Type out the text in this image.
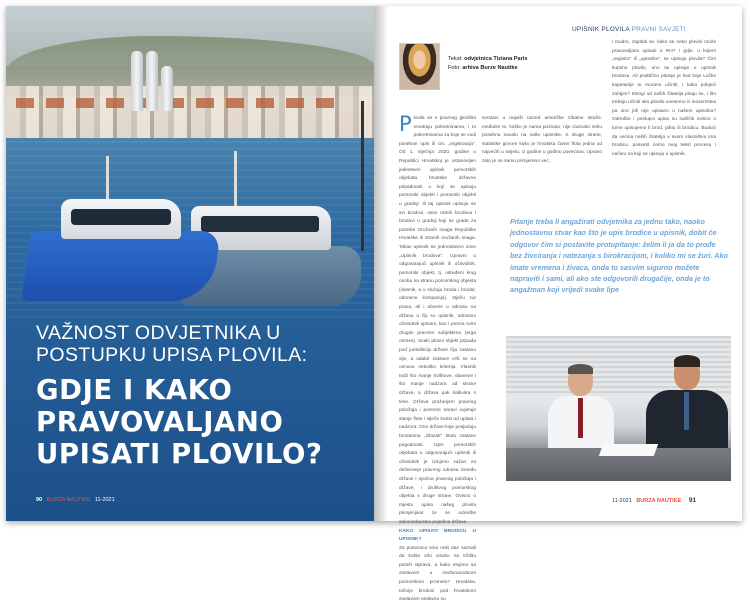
VAŽNOST ODVJETNIKA U POSTUPKU UPISA PLOVILA:
GDJE I KAKO PRAVOVALJANO UPISATI PLOVILO?
90 BURZA NAUTIKE 11-2021
UPISNIK PLOVILA PRAVNI SAVJETI
Tekst: odvjetnica Tiziana Paris
Foto: arhiva Burze Nautike
P lovila se s pravnog gledišta smatraju pokretninama, i to pokretninama za koje se vodi poseban upis ili tzv. „registracija“. Od 1. siječnja 2020. godine u Republici Hrvatskoj je ustanovljen jedinstven upisnik pomorskih objekata hrvatske državne pripadnosti u koji se upisuju pomorski objekti i pomorski objekti u gradnji. Ili taj upisnik upisuju se svi brodovi, osim ratnih brodova i brodovi u gradnji koji se grade za potrebe Oružanih snaga Republike Hrvatske ili stranih oružanih snaga. Takav upisnik se jednostavno zove „Upisnik brodova“. Upravni u odgovarajući upisnik ili očevidnik, pomorski objekt, tj. određeni krug osoba na stranu pomorskog objekta (vlasnik, a u slučaju broda i brodar, odnosno kompanija), stječu niz prava, ali i obveze u odnosu na državu u čiji su upisnik, odnosno očevidnik upisani, kao i prema svim drugim pravnim subjektima (erga omnes). Svaki plovni objekt pripada pod jurisdikciju države čiju zastavu vije, a odabir zastave vrši se na osnovu nekoliko kriterija. Vlasnik traži što manje troškove, obavezе i što manje nadzora od strane države, a država pak kalkulira s time. Država pružanjem pravnog položaja i porezne naravi uvjetuje stanje flote i stječe korist od uplata i nadzora. One države koje posjeduju brodarima „izlazak“ titula zastave pogodnosti. Upis pomorskih objekata u odgovarajući upisnik ili očevidnik je izmjeno važan za definiranje pravnog odnosa između države i njezina pravnog položaja i države, i društvog pomorskog objekta s druge strane. Ovisno o mjestu upisa našeg plovila primjenjivat će se odredbe zakonodavstva pojedine države.
KAKO UPISATI BRODICU U UPISNIK?
Za putovnicu smo neki dan saznali da košta vrlo visoko na tržištu putnih isprava, a kako stojimo sa zastavom u međunarodnom pomorskom prometu? Hrvatska, točnije brodovi pod hrvatskom zastavom nedavno su
svrstani u najviši razred američke Obalne straže, međutim to, koliko je nama poznato, nije izazvalo neku posebnu navalu na naše upisnike. S druge strane, statistike govore kako je hrvatska čarter flota jedna od najvećih u svijetu, iz godine u godinu povećava. Upravo zato je ne samo primjereno već,
i mudro, zapitati se, kako se neko plovilo može pravovaljano upisati u RH? I gdje, u kojem „registru“ ili „upisniku“, se upisuju plovila? Čim kupimo plovilo, ono se upisuje u upisnik brodova. Ali praktično pitanje je kod koje Lučke kapetanije to morano učiniti, i kako pobjeći zahtjev? Mnogi od naših čitatelja pitaju se, i što trebaju učiniti ako plovilo unesemo iz inozemstva pa ono još nije upisano u našem upisniku? Odredbe i postupci upisa su različiti ovisno o tome upisujemo li brod, jahtu ili brodicu. Budući da većina naših čitatelja u svom vlasništvu ima brodicu, posvetit ćemo ovaj tekst procesu i načinu na koji se upisuju u upisnik.
Pitanje treba li angažirati odvjetnika za jednu tako, naoko jednostavnu stvar kao što je upis brodice u upisnik, dobit će odgovor čim si postavite protupitanje: želim li ja da to prođe bez živciranja i natezanja s birokracijom, i koliko mi se žuri. Ako imate vremena i živaca, onda to sasvim sigurno možete napraviti i sami, ali ako ste odgovorili drugačije, onda je to angažman koji vrijedi svake lipe
11-2021 BURZA NAUTIKE 91
